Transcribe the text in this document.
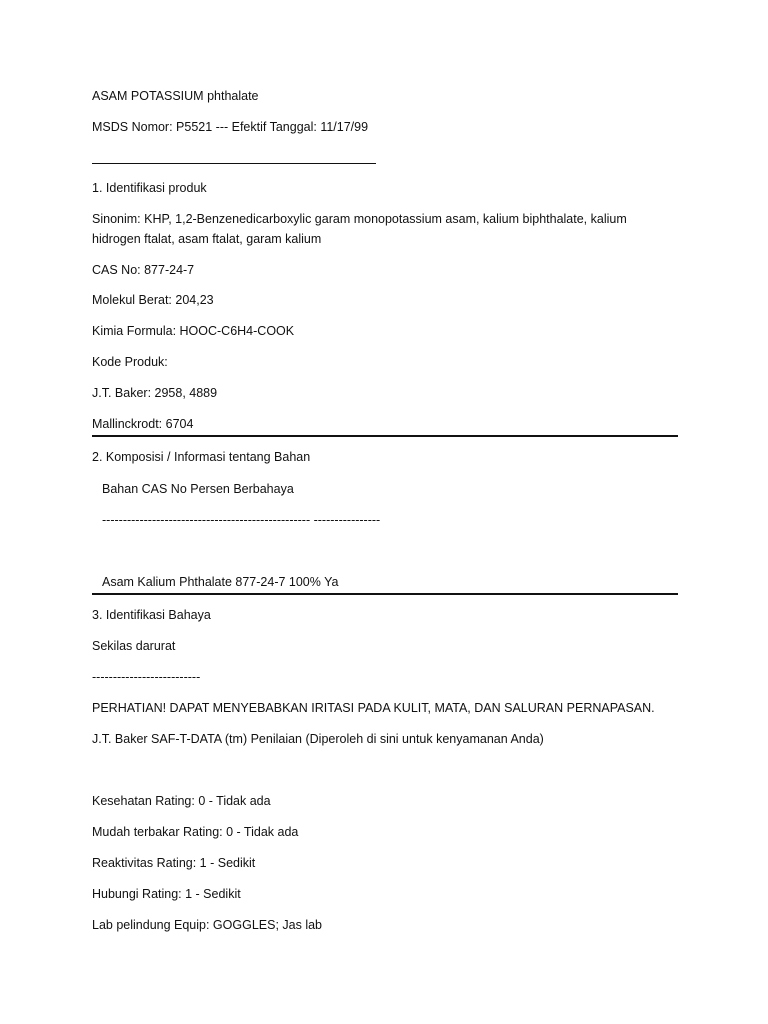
ASAM POTASSIUM phthalate
MSDS Nomor: P5521 --- Efektif Tanggal: 11/17/99
1. Identifikasi produk
Sinonim: KHP, 1,2-Benzenedicarboxylic garam monopotassium asam, kalium biphthalate, kalium hidrogen ftalat, asam ftalat, garam kalium
CAS No: 877-24-7
Molekul Berat: 204,23
Kimia Formula: HOOC-C6H4-COOK
Kode Produk:
J.T. Baker: 2958, 4889
Mallinckrodt: 6704
2. Komposisi / Informasi tentang Bahan
Bahan CAS No Persen Berbahaya
-------------------------------------------------- ----------------
Asam Kalium Phthalate 877-24-7 100% Ya
3. Identifikasi Bahaya
Sekilas darurat
--------------------------
PERHATIAN! DAPAT MENYEBABKAN IRITASI PADA KULIT, MATA, DAN SALURAN PERNAPASAN.
J.T. Baker SAF-T-DATA (tm) Penilaian (Diperoleh di sini untuk kenyamanan Anda)
Kesehatan Rating: 0 - Tidak ada
Mudah terbakar Rating: 0 - Tidak ada
Reaktivitas Rating: 1 - Sedikit
Hubungi Rating: 1 - Sedikit
Lab pelindung Equip: GOGGLES; Jas lab
